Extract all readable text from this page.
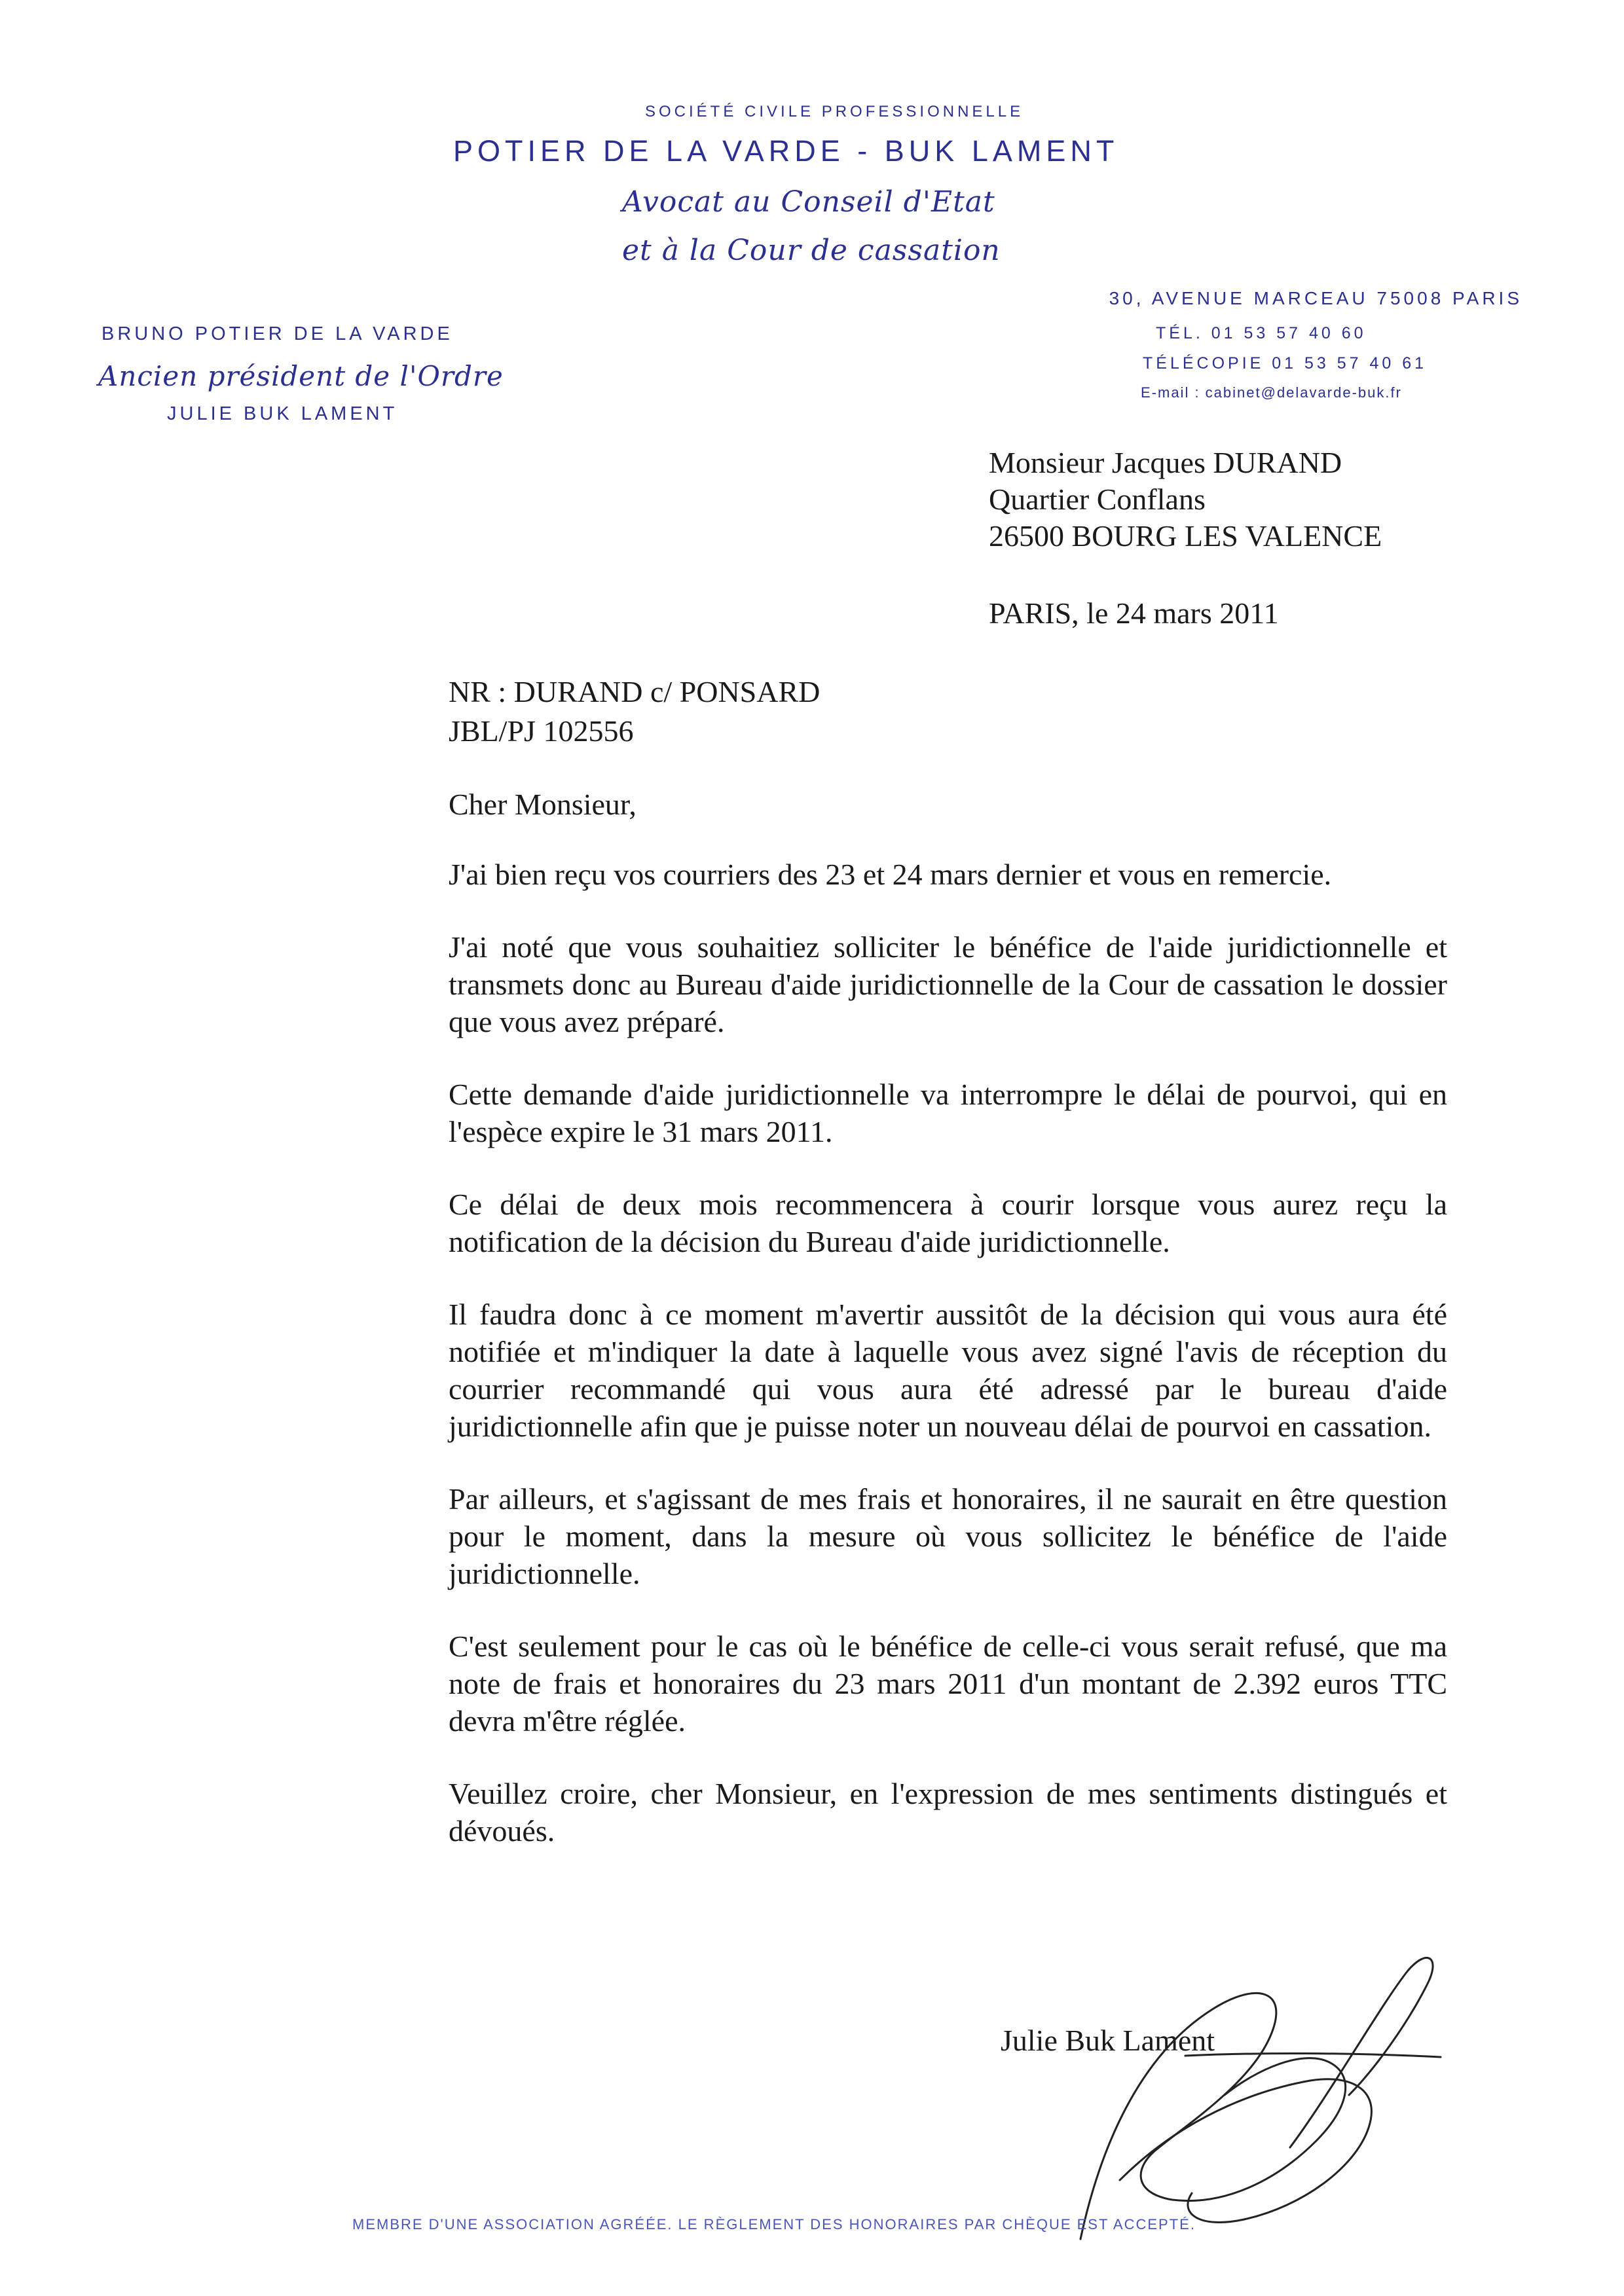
SOCIÉTÉ CIVILE PROFESSIONNELLE
POTIER DE LA VARDE - BUK LAMENT
Avocat au Conseil d'Etat
et à la Cour de cassation
30, AVENUE MARCEAU 75008 PARIS
TÉL. 01 53 57 40 60
TÉLÉCOPIE 01 53 57 40 61
E-mail : cabinet@delavarde-buk.fr
BRUNO POTIER DE LA VARDE
Ancien président de l'Ordre
JULIE BUK LAMENT
Monsieur Jacques DURAND
Quartier Conflans
26500 BOURG LES VALENCE
PARIS, le 24 mars 2011
NR : DURAND c/ PONSARD
JBL/PJ 102556

Cher Monsieur,

J'ai bien reçu vos courriers des 23 et 24 mars dernier et vous en remercie.

J'ai noté que vous souhaitiez solliciter le bénéfice de l'aide juridictionnelle et transmets donc au Bureau d'aide juridictionnelle de la Cour de cassation le dossier que vous avez préparé.

Cette demande d'aide juridictionnelle va interrompre le délai de pourvoi, qui en l'espèce expire le 31 mars 2011.

Ce délai de deux mois recommencera à courir lorsque vous aurez reçu la notification de la décision du Bureau d'aide juridictionnelle.

Il faudra donc à ce moment m'avertir aussitôt de la décision qui vous aura été notifiée et m'indiquer la date à laquelle vous avez signé l'avis de réception du courrier recommandé qui vous aura été adressé par le bureau d'aide juridictionnelle afin que je puisse noter un nouveau délai de pourvoi en cassation.

Par ailleurs, et s'agissant de mes frais et honoraires, il ne saurait en être question pour le moment, dans la mesure où vous sollicitez le bénéfice de l'aide juridictionnelle.

C'est seulement pour le cas où le bénéfice de celle-ci vous serait refusé, que ma note de frais et honoraires du 23 mars 2011 d'un montant de 2.392 euros TTC devra m'être réglée.

Veuillez croire, cher Monsieur, en l'expression de mes sentiments distingués et dévoués.

Julie Buk Lament
MEMBRE D'UNE ASSOCIATION AGRÉÉE. LE RÈGLEMENT DES HONORAIRES PAR CHÈQUE EST ACCEPTÉ.
